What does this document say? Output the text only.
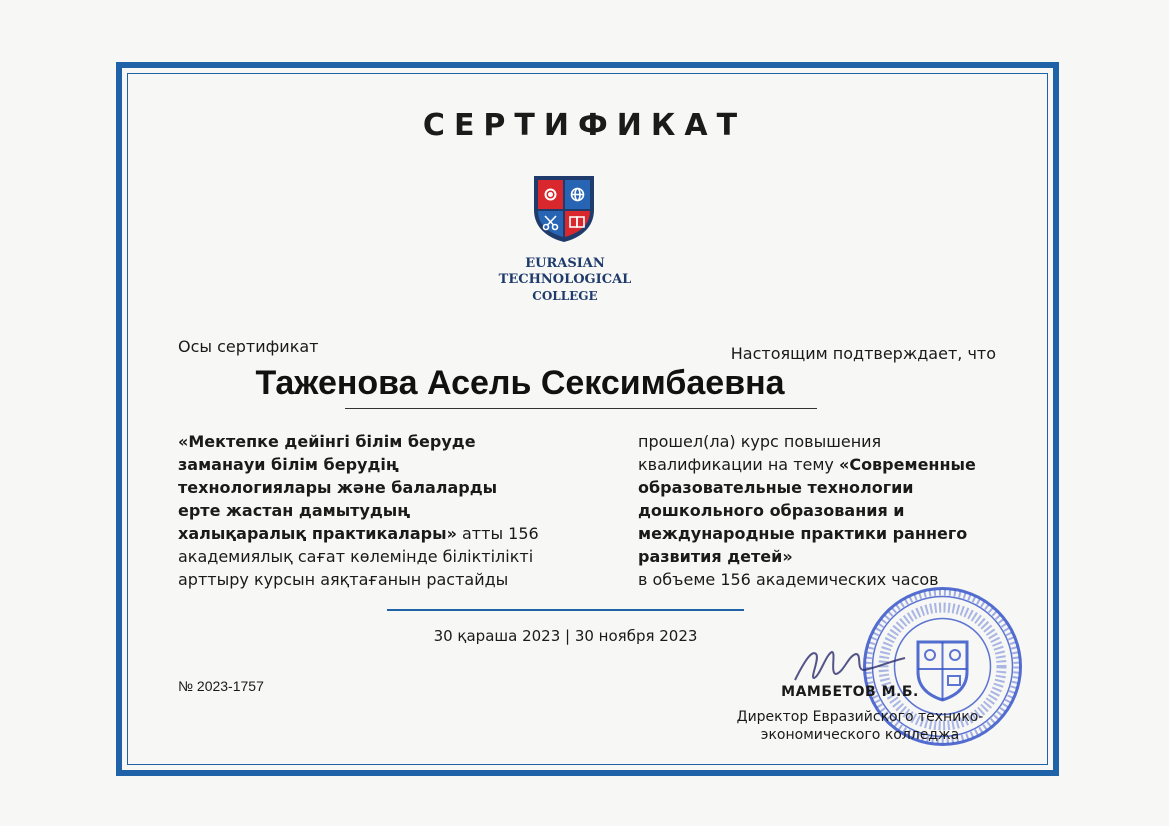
СЕРТИФИКАТ
EURASIAN
TECHNOLOGICAL
COLLEGE
Осы сертификат	Настоящим подтверждает, что
Таженова Асель Сексимбаевна
«Мектепке дейінгі білім беруде заманауи білім берудің технологиялары және балаларды ерте жастан дамытудың халықаралық практикалары» атты 156 академиялық сағат көлемінде біліктілікті арттыру курсын аяқтағанын растайды
прошел(ла) курс повышения квалификации на тему «Современные образовательные технологии дошкольного образования и международные практики раннего развития детей»
в объеме 156 академических часов
30 қараша 2023 | 30 ноября 2023
№ 2023-1757	МАМБЕТОВ М.Б.
Директор Евразийского технико-
экономического колледжа
